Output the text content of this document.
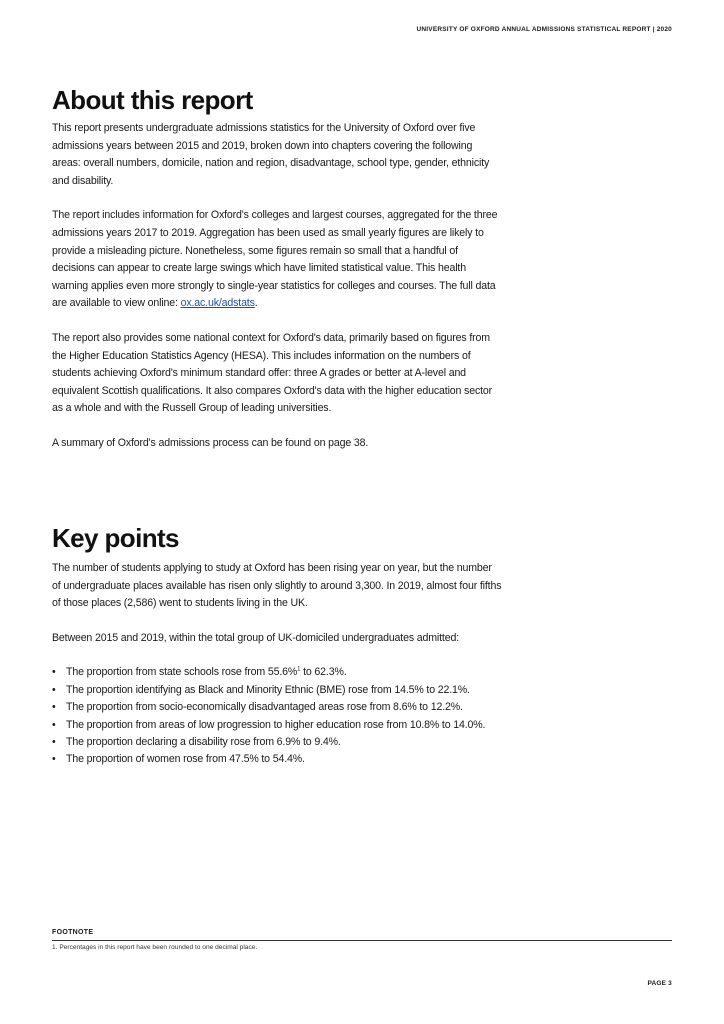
UNIVERSITY OF OXFORD ANNUAL ADMISSIONS STATISTICAL REPORT | 2020
About this report

This report presents undergraduate admissions statistics for the University of Oxford over five admissions years between 2015 and 2019, broken down into chapters covering the following areas: overall numbers, domicile, nation and region, disadvantage, school type, gender, ethnicity and disability.

The report includes information for Oxford's colleges and largest courses, aggregated for the three admissions years 2017 to 2019. Aggregation has been used as small yearly figures are likely to provide a misleading picture. Nonetheless, some figures remain so small that a handful of decisions can appear to create large swings which have limited statistical value. This health warning applies even more strongly to single-year statistics for colleges and courses. The full data are available to view online: ox.ac.uk/adstats.

The report also provides some national context for Oxford's data, primarily based on figures from the Higher Education Statistics Agency (HESA). This includes information on the numbers of students achieving Oxford's minimum standard offer: three A grades or better at A-level and equivalent Scottish qualifications. It also compares Oxford's data with the higher education sector as a whole and with the Russell Group of leading universities.

A summary of Oxford's admissions process can be found on page 38.

Key points

The number of students applying to study at Oxford has been rising year on year, but the number of undergraduate places available has risen only slightly to around 3,300. In 2019, almost four fifths of those places (2,586) went to students living in the UK.

Between 2015 and 2019, within the total group of UK-domiciled undergraduates admitted:

• The proportion from state schools rose from 55.6%$^1$ to 62.3%.
• The proportion identifying as Black and Minority Ethnic (BME) rose from 14.5% to 22.1%.
• The proportion from socio-economically disadvantaged areas rose from 8.6% to 12.2%.
• The proportion from areas of low progression to higher education rose from 10.8% to 14.0%.
• The proportion declaring a disability rose from 6.9% to 9.4%.
• The proportion of women rose from 47.5% to 54.4%.
FOOTNOTE
1. Percentages in this report have been rounded to one decimal place.
PAGE 3
